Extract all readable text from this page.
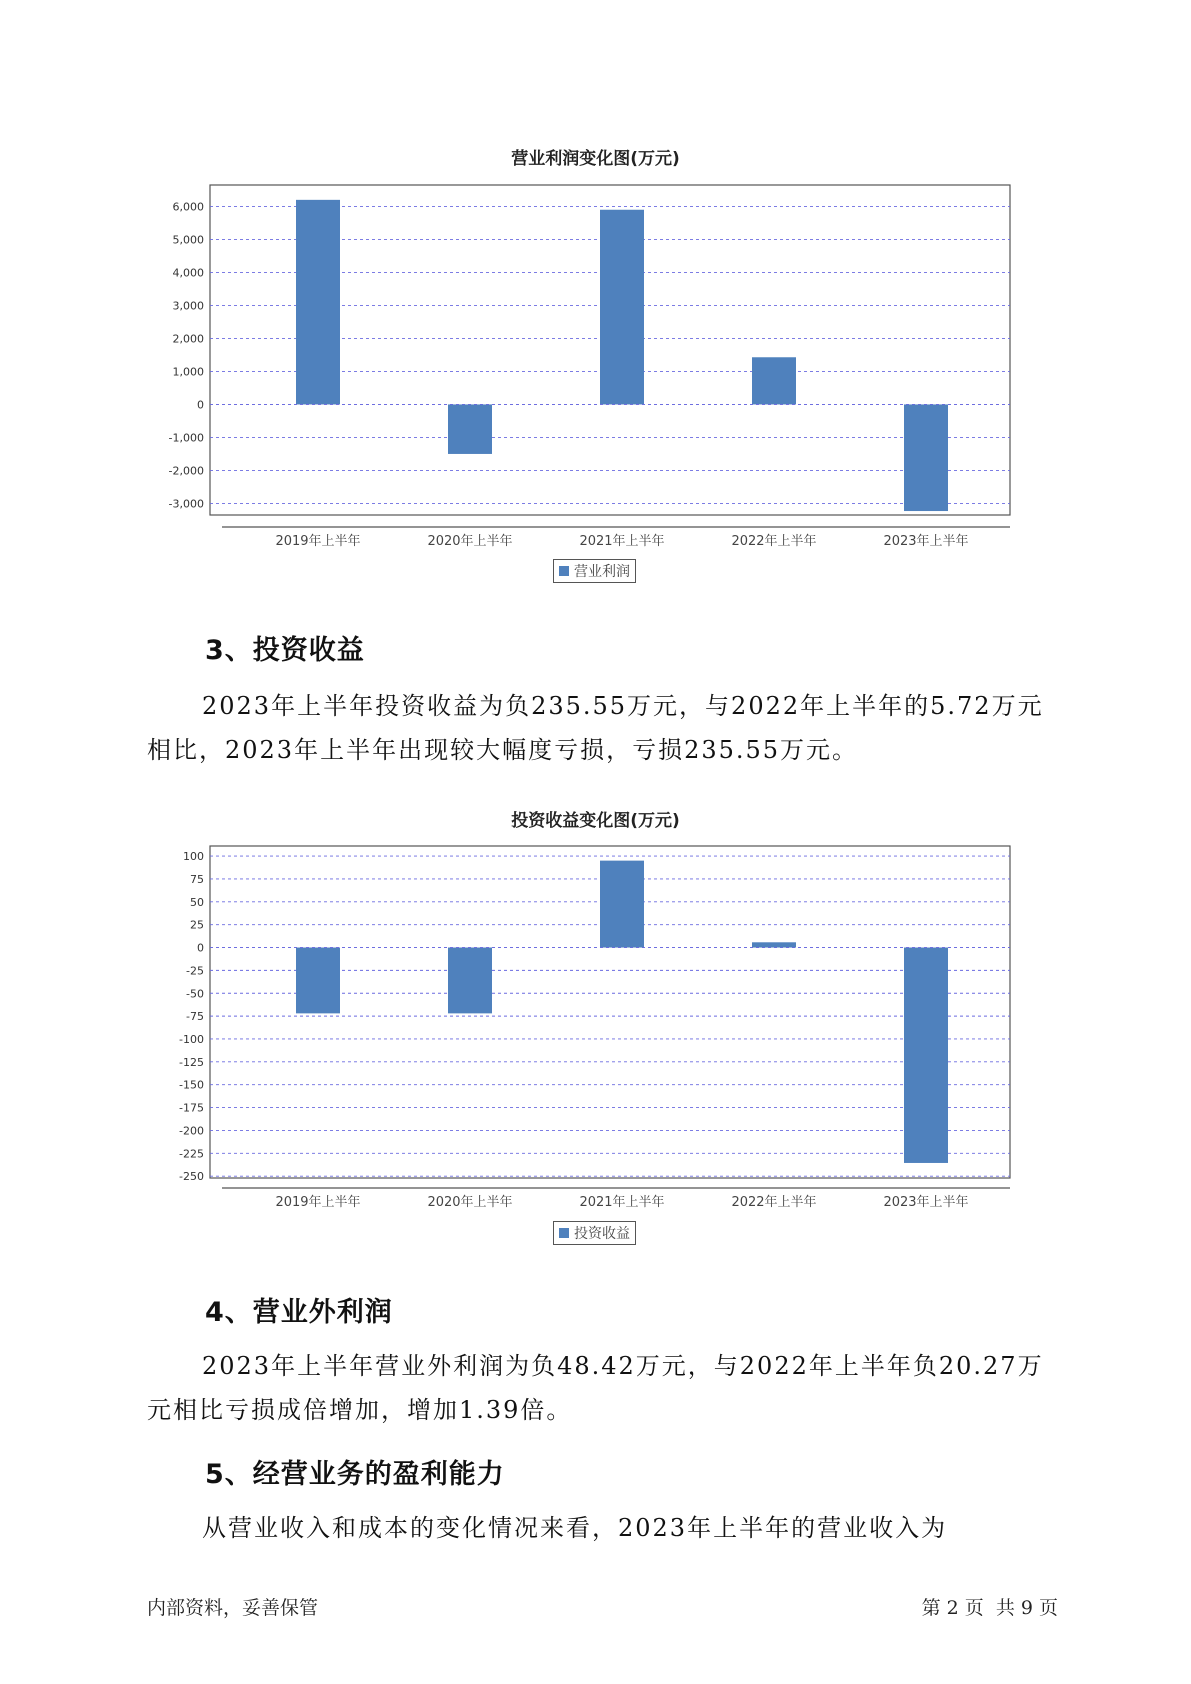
营业利润变化图(万元)
6,000
5,000
4,000
3,000
2,000
1,000
0
-1,000
-2,000
-3,000
2019年上半年	2020年上半年	2021年上半年	2022年上半年	2023年上半年
营业利润
3、投资收益

2023年上半年投资收益为负235.55万元，与2022年上半年的5.72万元相比，2023年上半年出现较大幅度亏损，亏损235.55万元。

投资收益变化图(万元)
100
75
50
25
0
-25
-50
-75
-100
-125
-150
-175
-200
-225
-250
2019年上半年	2020年上半年	2021年上半年	2022年上半年	2023年上半年
投资收益
4、营业外利润

2023年上半年营业外利润为负48.42万元，与2022年上半年负20.27万元相比亏损成倍增加，增加1.39倍。

5、经营业务的盈利能力

从营业收入和成本的变化情况来看，2023年上半年的营业收入为

内部资料，妥善保管	第 2 页  共 9 页
